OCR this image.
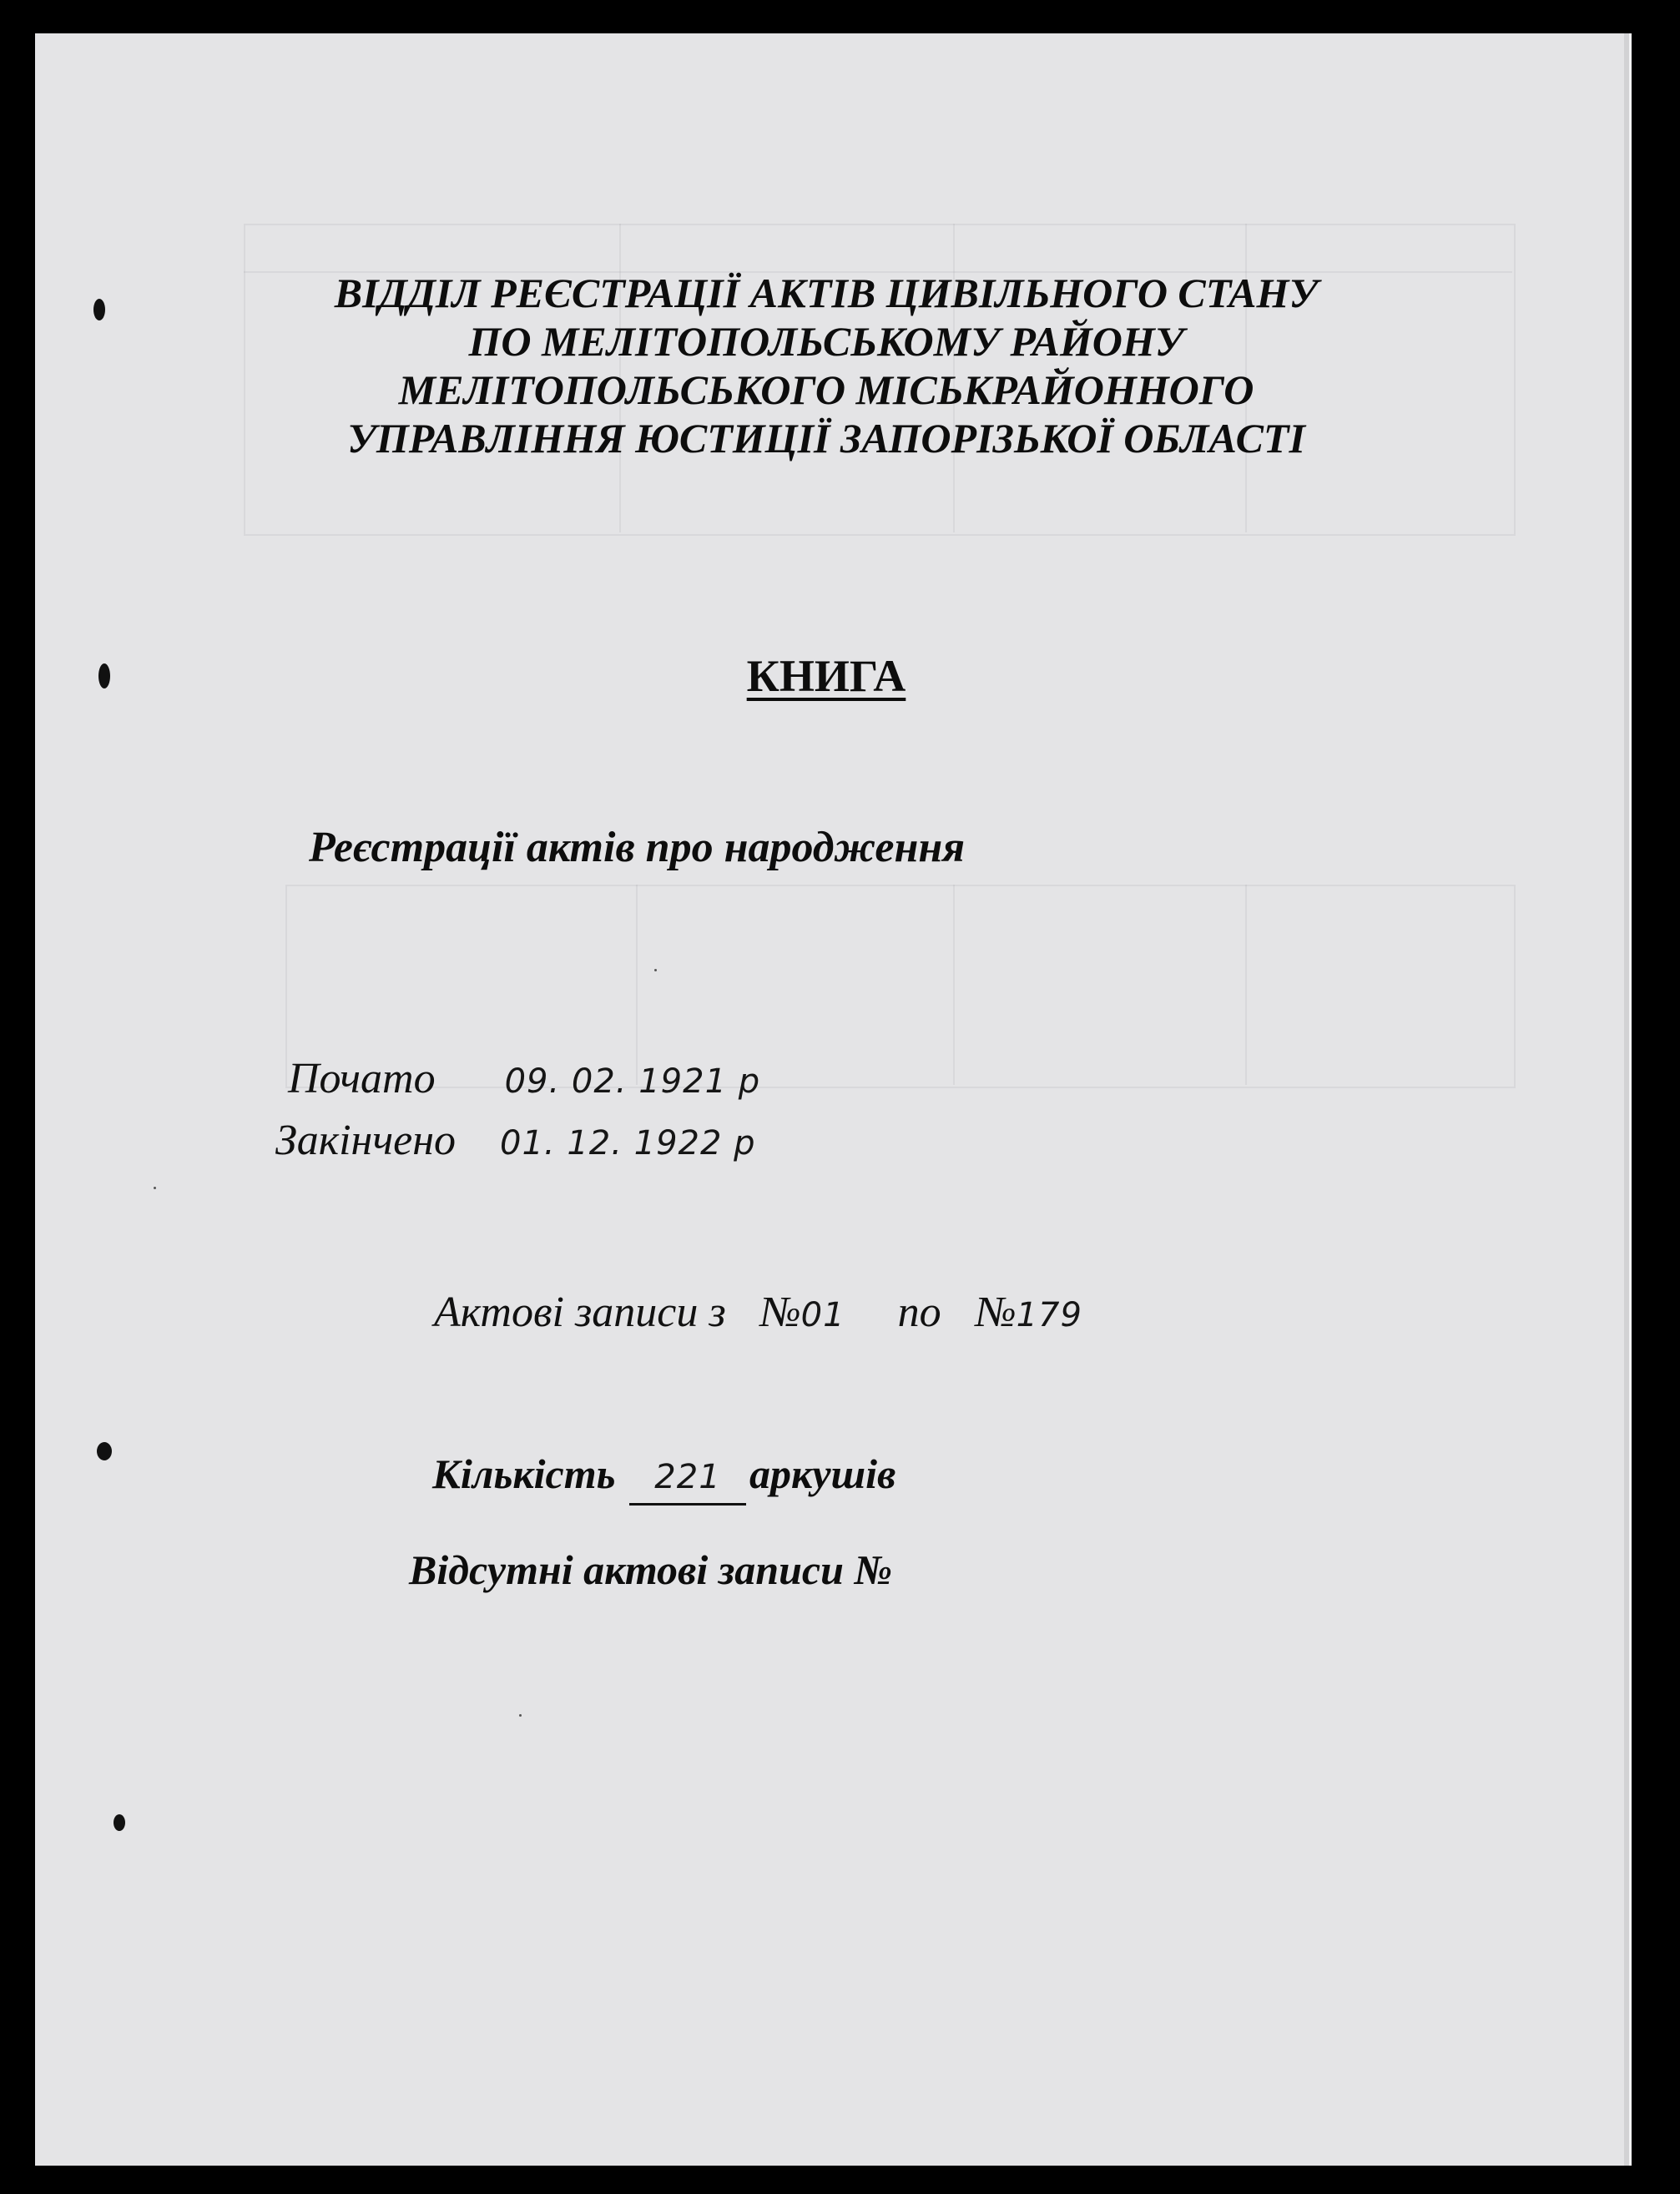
ВІДДІЛ РЕЄСТРАЦІЇ АКТІВ ЦИВІЛЬНОГО СТАНУ
ПО МЕЛІТОПОЛЬСЬКОМУ РАЙОНУ
МЕЛІТОПОЛЬСЬКОГО МІСЬКРАЙОННОГО
УПРАВЛІННЯ ЮСТИЦІЇ ЗАПОРІЗЬКОЇ ОБЛАСТІ
КНИГА
Реєстрації актів про народження
Почато 09. 02. 1921 р
Закінчено 01. 12. 1922 р
Актові записи з №01 по №179
Кількість 221 аркушів
Відсутні актові записи №
